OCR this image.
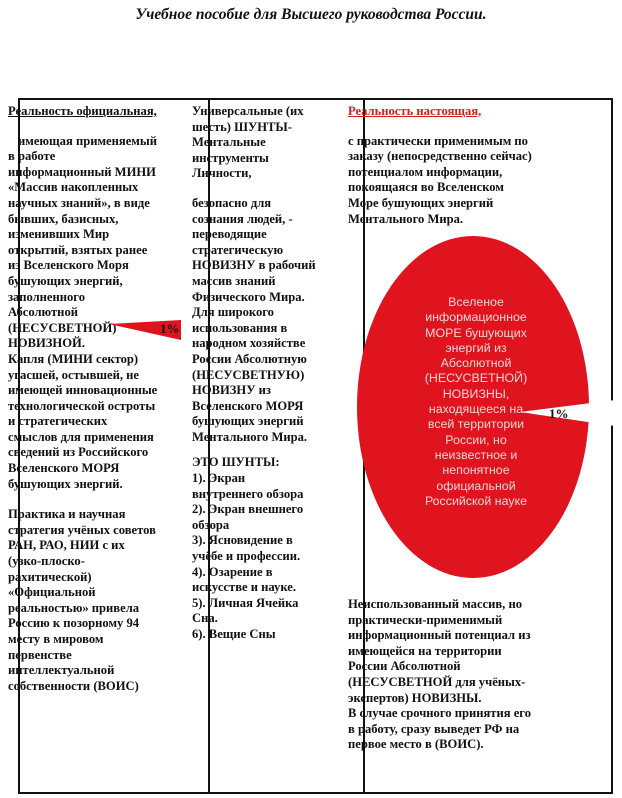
Учебное пособие для Высшего руководства России.

Реальность официальная,

имеющая применяемый
в работе
информационный МИНИ
«Массив накопленных
научных знаний», в виде
бывших, базисных,
изменивших Мир
открытий, взятых ранее
из Вселенского Моря
бушующих энергий,
заполненного
Абсолютной
(НЕСУСВЕТНОЙ)
НОВИЗНОЙ.
Капля (МИНИ сектор)
угасшей, остывшей, не
имеющей инновационные
технологической остроты
и стратегических
смыслов для применения
сведений из Российского
Вселенского МОРЯ
бушующих энергий.
Практика и научная
стратегия учёных советов
РАН, РАО, НИИ с их
(узко-плоско-
рахитической)
«Официальной
реальностью» привела
Россию к позорному 94
месту в мировом
первенстве
интеллектуальной
собственности (ВОИС)
1%
Универсальные (их
шесть) ШУНТЫ-
Ментальные
инструменты
Личности,
безопасно для
сознания людей, -
переводящие
стратегическую
НОВИЗНУ в рабочий
массив знаний
Физического Мира.
Для широкого
использования в
народном хозяйстве
России Абсолютную
(НЕСУСВЕТНУЮ)
НОВИЗНУ из
Вселенского МОРЯ
бушующих энергий
Ментального Мира.

ЭТО ШУНТЫ:

1). Экран
внутреннего обзора
2). Экран внешнего
обзора
3). Ясновидение в
учёбе и профессии.
4). Озарение в
искусстве и науке.
5). Личная Ячейка
Сна.
6). Вещие Сны

Реальность настоящая,

с практически применимым по
заказу (непосредственно сейчас)
потенциалом информации,
покоящаяся во Вселенском
Море бушующих энергий
Ментального Мира.
1%
Вселеное
информационное
МОРЕ бушующих
энергий из
Абсолютной
(НЕСУСВЕТНОЙ)
НОВИЗНЫ,
находящееся на
всей территории
России, но
неизвестное и
непонятное
официальной
Российской науке
Неиспользованный массив, но
практически-применимый
информационный потенциал из
имеющейся на территории
России Абсолютной
(НЕСУСВЕТНОЙ для учёных-
экспертов) НОВИЗНЫ.
В случае срочного принятия его
в работу, сразу выведет РФ на
первое место в (ВОИС).
